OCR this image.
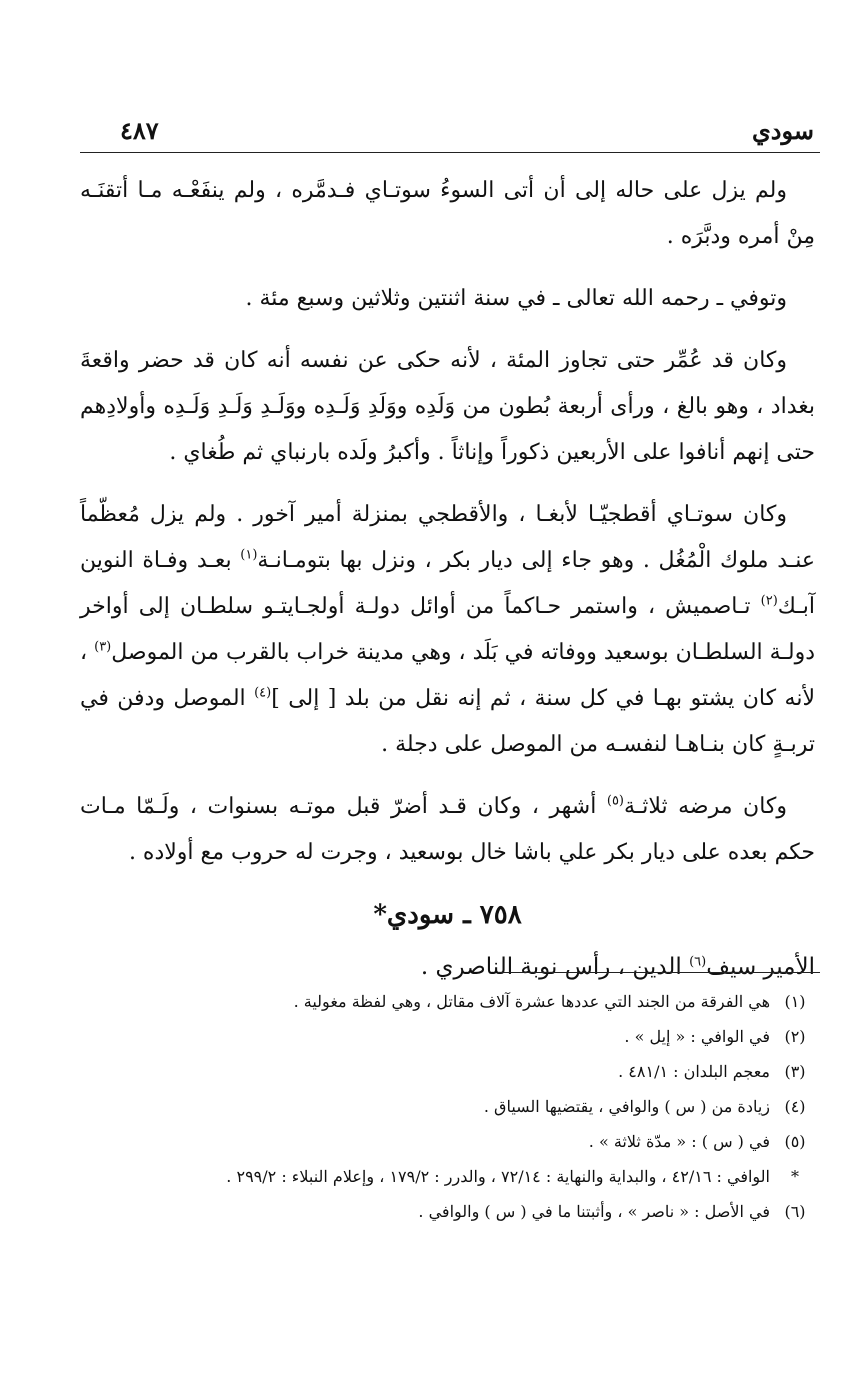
سودي
٤٨٧

ولم يزل على حاله إلى أن أتى السوءُ سوتـاي فـدمَّره ، ولم ينفَعْـه مـا أتقنَـه مِنْ أمره ودبَّرَه .

وتوفي ـ رحمه الله تعالى ـ في سنة اثنتين وثلاثين وسبع مئة .

وكان قد عُمِّر حتى تجاوز المئة ، لأنه حكى عن نفسه أنه كان قد حضر واقعةَ بغداد ، وهو بالغ ، ورأى أربعة بُطون من وَلَدِه ووَلَدِ وَلَـدِه ووَلَـدِ وَلَـدِ وَلَـدِه وأولادِهم حتى إنهم أنافوا على الأربعين ذكوراً وإناثاً . وأكبرُ ولَده بارنباي ثم طُغاي .

وكان سوتـاي أقطجيّـا لأبغـا ، والأقطجي بمنزلة أمير آخور . ولم يزل مُعظّماً عنـد ملوك الْمُغُل . وهو جاء إلى ديار بكر ، ونزل بها بتومـانـة$^{(١)}$ بعـد وفـاة النوين آبـك$^{(٢)}$ تـاصميش ، واستمر حـاكماً من أوائل دولـة أولجـايتـو سلطـان إلى أواخر دولـة السلطـان بوسعيد ووفاته في بَلَد ، وهي مدينة خراب بالقرب من الموصل$^{(٣)}$ ، لأنه كان يشتو بهـا في كل سنة ، ثم إنه نقل من بلد [ إلى ]$^{(٤)}$ الموصل ودفن في تربـةٍ كان بنـاهـا لنفسـه من الموصل على دجلة .

وكان مرضه ثلاثـة$^{(٥)}$ أشهر ، وكان قـد أضرّ قبل موتـه بسنوات ، ولَـمّا مـات حكم بعده على ديار بكر علي باشا خال بوسعيد ، وجرت له حروب مع أولاده .

٧٥٨ ـ سودي*

الأمير سيف$^{(٦)}$ الدين ، رأس نوبة الناصري .

(١)
هي الفرقة من الجند التي عددها عشرة آلاف مقاتل ، وهي لفظة مغولية .
(٢)
في الوافي : « إيل » .
(٣)
معجم البلدان : ٤٨١/١ .
(٤)
زيادة من ( س ) والوافي ، يقتضيها السياق .
(٥)
في ( س ) : « مدّة ثلاثة » .
*
الوافي : ٤٢/١٦ ، والبداية والنهاية : ٧٢/١٤ ، والدرر : ١٧٩/٢ ، وإعلام النبلاء : ٢٩٩/٢ .
(٦)
في الأصل : « ناصر » ، وأثبتنا ما في ( س ) والوافي .
